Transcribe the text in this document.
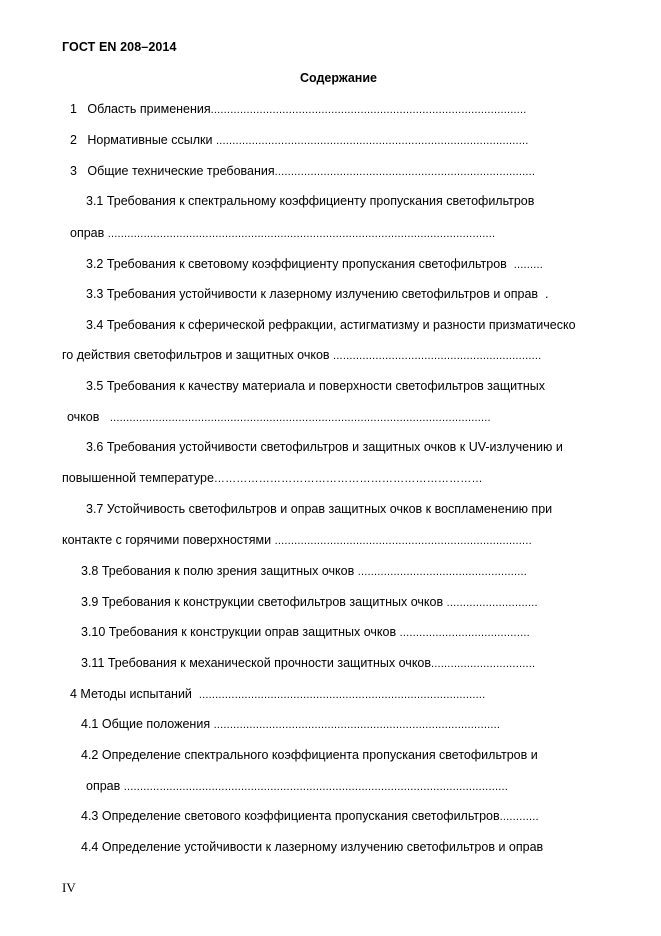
ГОСТ EN 208–2014
Содержание
1   Область применения .................................................................................................
2   Нормативные ссылки ................................................................................................
3   Общие технические требования ................................................................................
3.1 Требования к спектральному коэффициенту пропускания светофильтров
оправ .......................................................................................................................
3.2 Требования к световому коэффициенту пропускания светофильтров .........
3.3 Требования устойчивости к лазерному излучению светофильтров и оправ  .
3.4 Требования к сферической рефракции, астигматизму и разности призматическо
го действия светофильтров и защитных очков ................................................................
3.5 Требования к качеству материала и поверхности светофильтров защитных
очков .....................................................................................................................
3.6 Требования устойчивости светофильтров и защитных очков к UV-излучению и
повышенной температуре ………………………………………………………………
3.7 Устойчивость светофильтров и оправ защитных очков к воспламенению при
контакте с горячими поверхностями ...............................................................................
3.8 Требования к полю зрения защитных очков ....................................................
3.9 Требования к конструкции светофильтров защитных очков ............................
3.10 Требования к конструкции оправ защитных очков ........................................
3.11 Требования к механической прочности защитных очков ................................
4 Методы испытаний ........................................................................................
4.1 Общие положения ........................................................................................
4.2 Определение спектрального коэффициента пропускания светофильтров и
оправ ......................................................................................................................
4.3 Определение светового коэффициента пропускания светофильтров ............
4.4 Определение устойчивости к лазерному излучению светофильтров и оправ
IV
